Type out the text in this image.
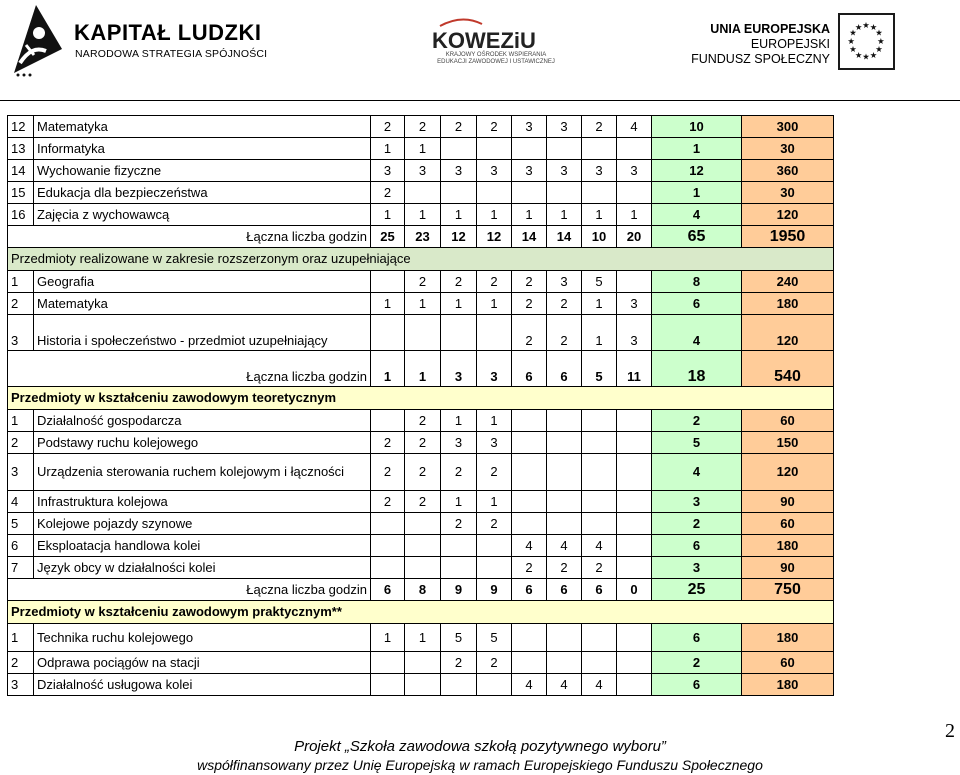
KAPITAŁ LUDZKI
NARODOWA STRATEGIA SPÓJNOŚCI
KOWEZiU
KRAJOWY OŚRODEK WSPIERANIA EDUKACJI ZAWODOWEJ I USTAWICZNEJ
UNIA EUROPEJSKA
EUROPEJSKI
FUNDUSZ SPOŁECZNY
★ ★
★
★
★
★
★
★
★
★
★
★
12	Matematyka	2	2	2	2	3	3	2	4	10	300
13	Informatyka	1	1							1	30
14	Wychowanie fizyczne	3	3	3	3	3	3	3	3	12	360
15	Edukacja dla bezpieczeństwa	2								1	30
16	Zajęcia z wychowawcą	1	1	1	1	1	1	1	1	4	120
Łączna liczba godzin		25	23	12	12	14	14	10	20	65	1950
Przedmioty realizowane w zakresie rozszerzonym oraz uzupełniające											
1	Geografia		2	2	2	2	3	5		8	240
2	Matematyka	1	1	1	1	2	2	1	3	6	180
3	Historia i społeczeństwo - przedmiot uzupełniający					2	2	1	3	4	120
Łączna liczba godzin		1	1	3	3	6	6	5	11	18	540
Przedmioty w kształceniu zawodowym teoretycznym											
1	Działalność gospodarcza		2	1	1					2	60
2	Podstawy ruchu kolejowego	2	2	3	3					5	150
3	Urządzenia sterowania ruchem kolejowym i łączności	2	2	2	2					4	120
4	Infrastruktura kolejowa	2	2	1	1					3	90
5	Kolejowe pojazdy szynowe			2	2					2	60
6	Eksploatacja handlowa kolei					4	4	4		6	180
7	Język obcy w działalności kolei					2	2	2		3	90
Łączna liczba godzin		6	8	9	9	6	6	6	0	25	750
Przedmioty w kształceniu zawodowym praktycznym**											
1	Technika ruchu kolejowego	1	1	5	5					6	180
2	Odprawa pociągów na stacji			2	2					2	60
3	Działalność usługowa kolei					4	4	4		6	180
2
Projekt „Szkoła zawodowa szkołą pozytywnego wyboru”
współfinansowany przez Unię Europejską w ramach Europejskiego Funduszu Społecznego
